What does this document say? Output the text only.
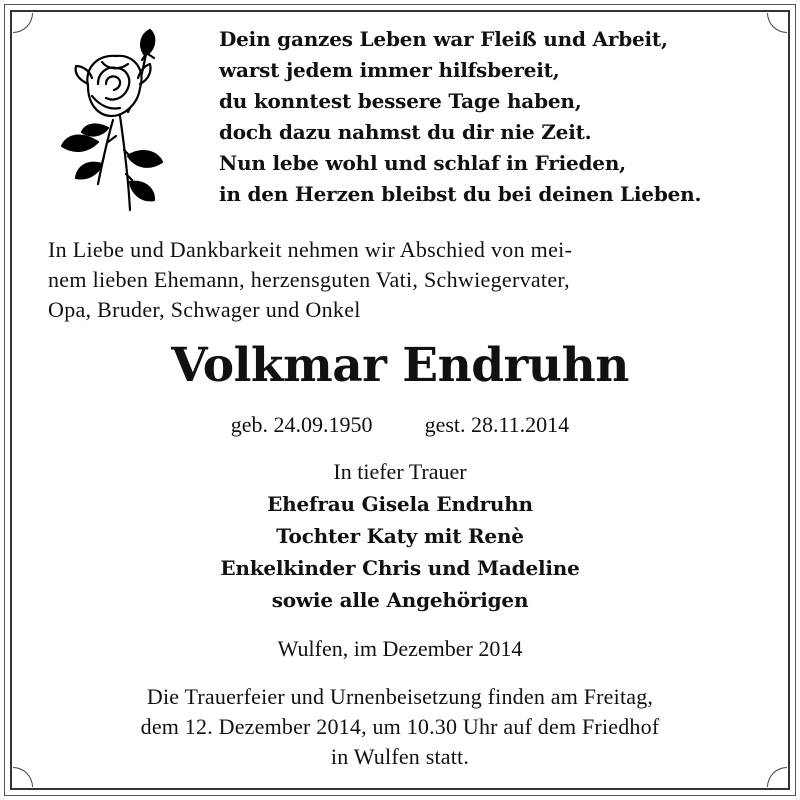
Dein ganzes Leben war Fleiß und Arbeit,
warst jedem immer hilfsbereit,
du konntest bessere Tage haben,
doch dazu nahmst du dir nie Zeit.
Nun lebe wohl und schlaf in Frieden,
in den Herzen bleibst du bei deinen Lieben.
In Liebe und Dankbarkeit nehmen wir Abschied von mei-
nem lieben Ehemann, herzensguten Vati, Schwiegervater,
Opa, Bruder, Schwager und Onkel
Volkmar Endruhn
geb. 24.09.1950 gest. 28.11.2014
In tiefer Trauer
Ehefrau Gisela Endruhn
Tochter Katy mit Renè
Enkelkinder Chris und Madeline
sowie alle Angehörigen
Wulfen, im Dezember 2014
Die Trauerfeier und Urnenbeisetzung finden am Freitag,
dem 12. Dezember 2014, um 10.30 Uhr auf dem Friedhof
in Wulfen statt.
